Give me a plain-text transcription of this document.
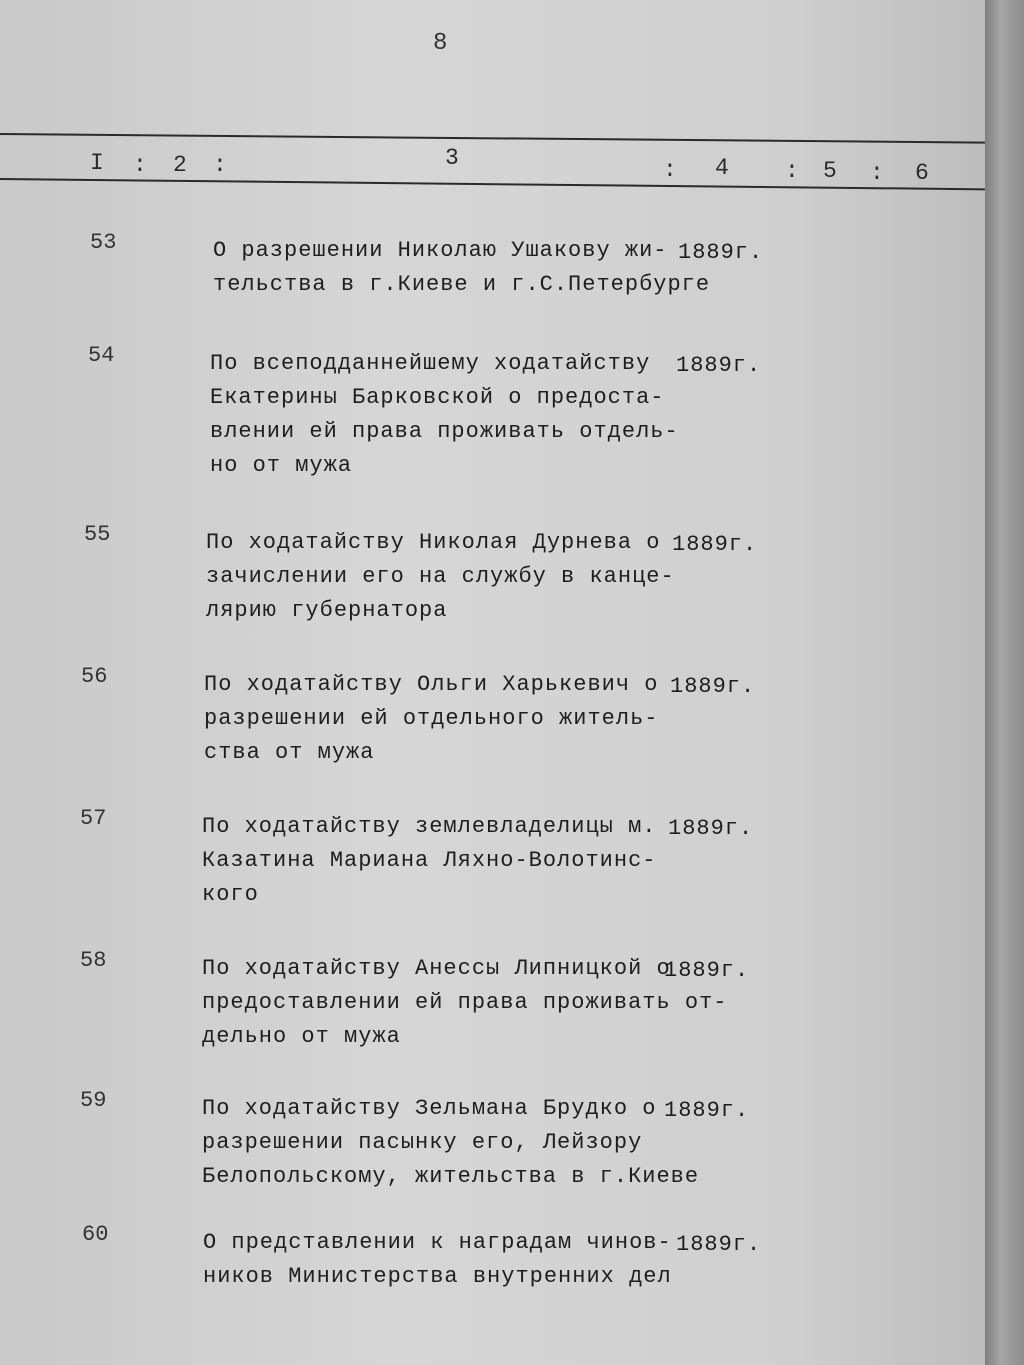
8
I : 2 :	3	: 4 : 5 : 6
53	О разрешении Николаю Ушакову жи-
тельства в г.Киеве и г.С.Петербурге
1889г.
54	По всеподданнейшему ходатайству
Екатерины Барковской о предоста-
влении ей права проживать отдель-
но от мужа
1889г.
55	По ходатайству Николая Дурнева о
зачислении его на службу в канце-
лярию губернатора
1889г.
56	По ходатайству Ольги Харькевич о
разрешении ей отдельного житель-
ства от мужа
1889г.
57	По ходатайству землевладелицы м.
Казатина Мариана Ляхно-Волотинс-
кого
1889г.
58	По ходатайству Анессы Липницкой о
предоставлении ей права проживать от-
дельно от мужа
1889г.
59	По ходатайству Зельмана Брудко о
разрешении пасынку его, Лейзору
Белопольскому, жительства в г.Киеве
1889г.
60	О представлении к наградам чинов-
ников Министерства внутренних дел
1889г.
